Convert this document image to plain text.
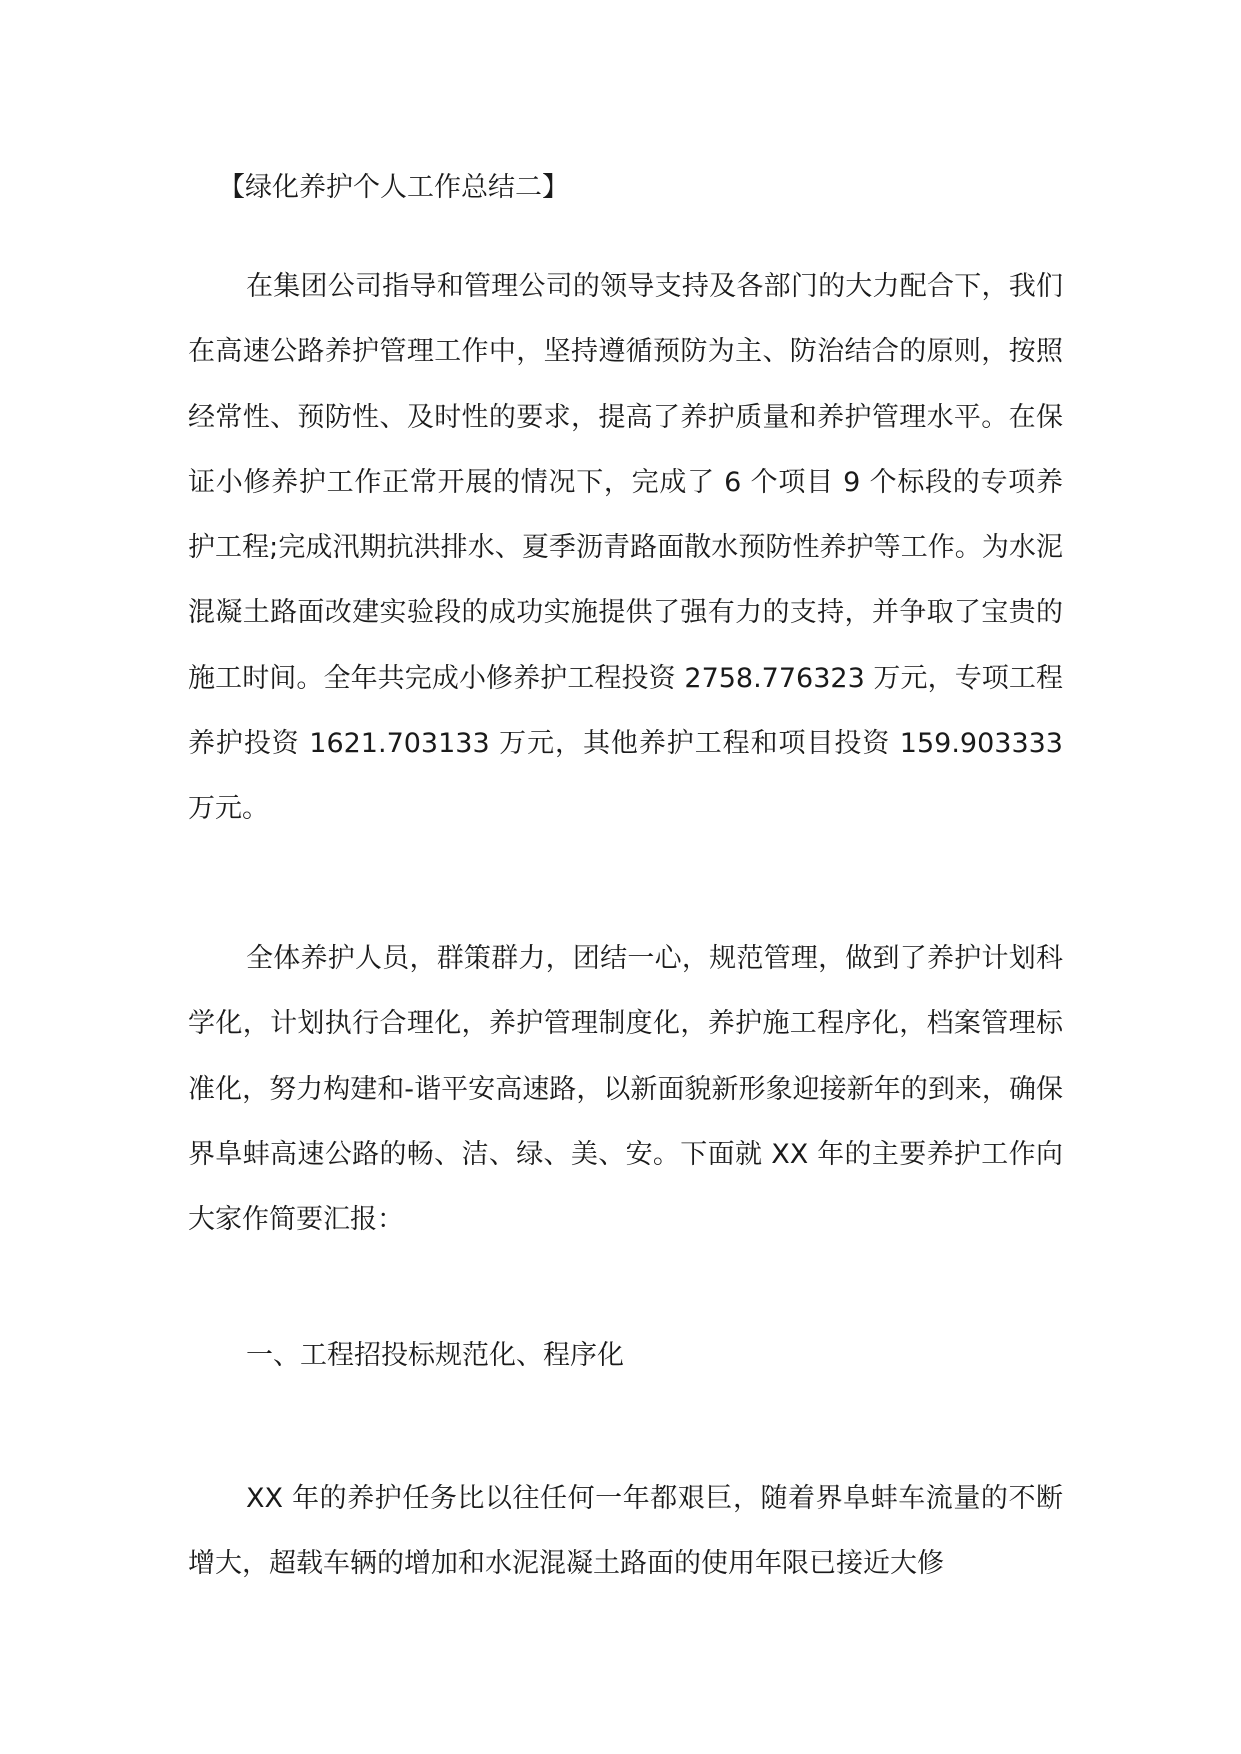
【绿化养护个人工作总结二】

在集团公司指导和管理公司的领导支持及各部门的大力配合下，我们在高速公路养护管理工作中，坚持遵循预防为主、防治结合的原则，按照经常性、预防性、及时性的要求，提高了养护质量和养护管理水平。在保证小修养护工作正常开展的情况下，完成了 6 个项目 9 个标段的专项养护工程;完成汛期抗洪排水、夏季沥青路面散水预防性养护等工作。为水泥混凝土路面改建实验段的成功实施提供了强有力的支持，并争取了宝贵的施工时间。全年共完成小修养护工程投资 2758.776323 万元，专项工程养护投资 1621.703133 万元，其他养护工程和项目投资 159.903333 万元。

全体养护人员，群策群力，团结一心，规范管理，做到了养护计划科学化，计划执行合理化，养护管理制度化，养护施工程序化，档案管理标准化，努力构建和-谐平安高速路，以新面貌新形象迎接新年的到来，确保界阜蚌高速公路的畅、洁、绿、美、安。下面就 XX 年的主要养护工作向大家作简要汇报：

一、工程招投标规范化、程序化

XX 年的养护任务比以往任何一年都艰巨，随着界阜蚌车流量的不断增大，超载车辆的增加和水泥混凝土路面的使用年限已接近大修
